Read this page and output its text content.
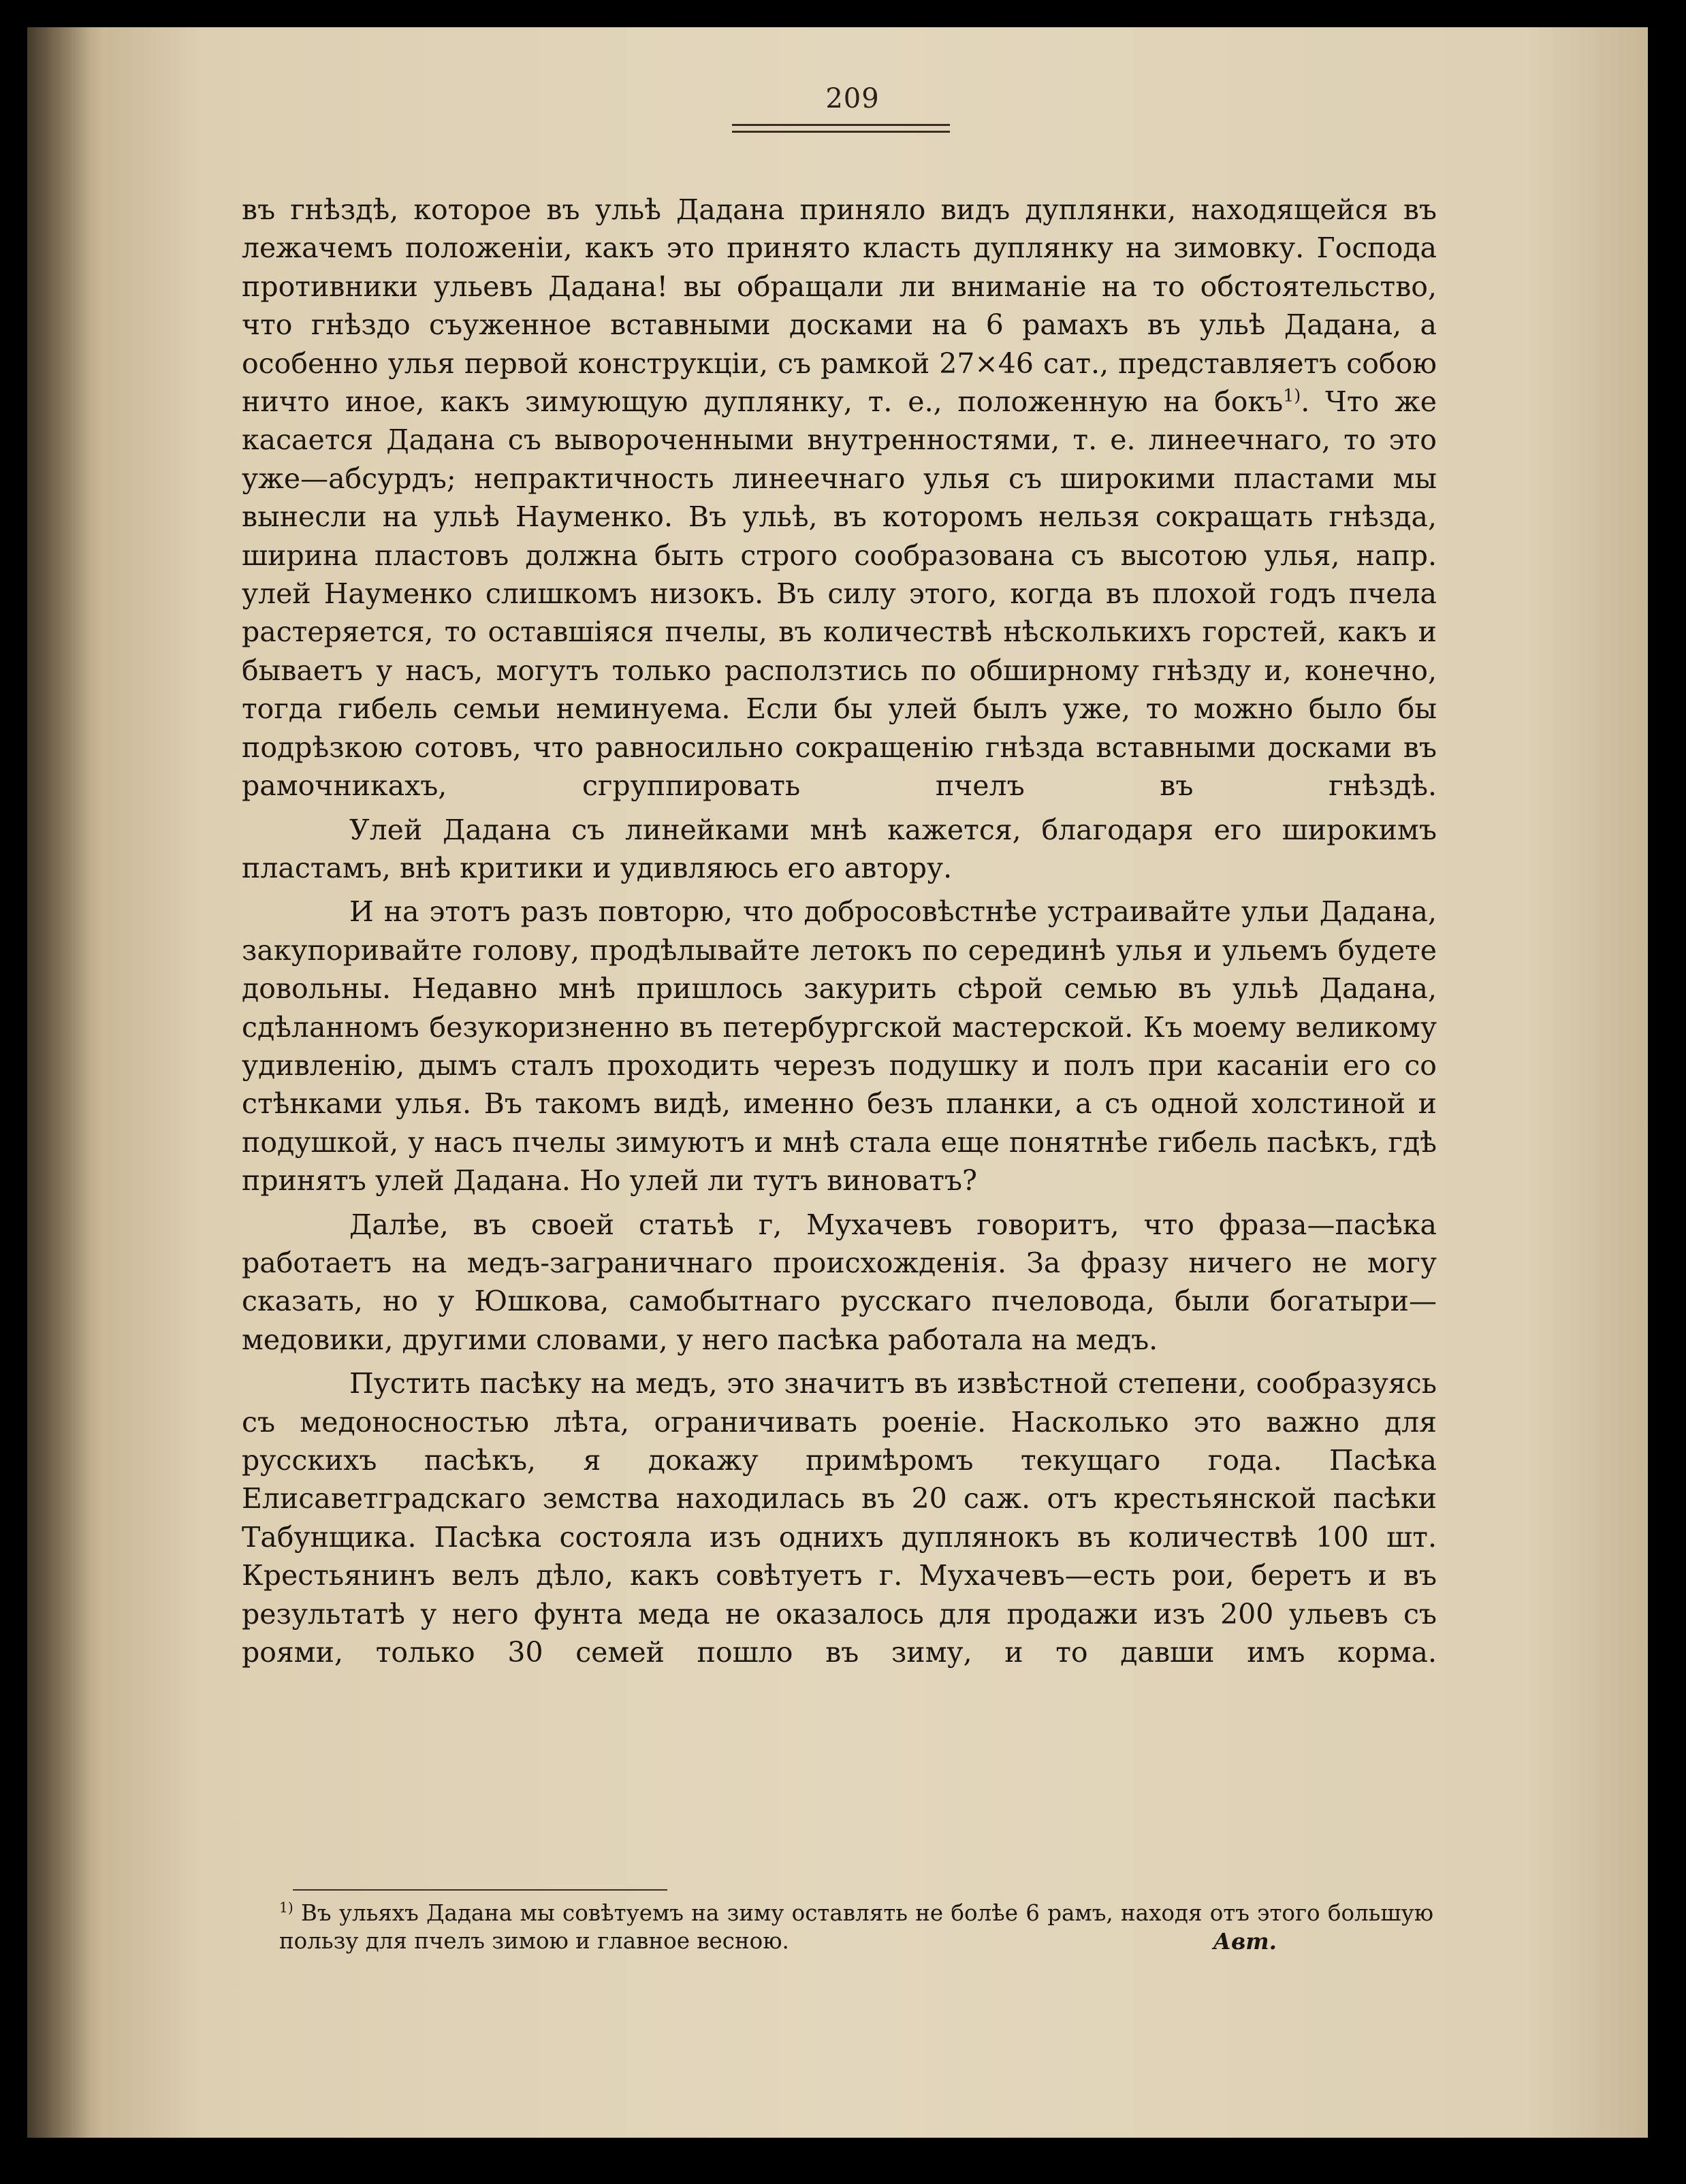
209

въ гнѣздѣ, которое въ ульѣ Дадана приняло видъ дуплянки, находящейся въ лежачемъ положенiи, какъ это принято класть дуплянку на зимовку. Господа противники ульевъ Дадана! вы обращали ли вниманiе на то обстоятельство, что гнѣздо съуженное вставными досками на 6 рамахъ въ ульѣ Дадана, а особенно улья первой конструкцiи, съ рамкой 27×46 сат., представляетъ собою ничто иное, какъ зимующую дуплянку, т. е., положенную на бокъ$^{1)}$. Что же касается Дадана съ вывороченными внутренностями, т. е. линеечнаго, то это уже—абсурдъ; непрактичность линеечнаго улья съ широкими пластами мы вынесли на ульѣ Науменко. Въ ульѣ, въ которомъ нельзя сокращать гнѣзда, ширина пластовъ должна быть строго сообразована съ высотою улья, напр. улей Науменко слишкомъ низокъ. Въ силу этого, когда въ плохой годъ пчела растеряется, то оставшiяся пчелы, въ количествѣ нѣсколькихъ горстей, какъ и бываетъ у насъ, могутъ только расползтись по обширному гнѣзду и, конечно, тогда гибель семьи неминуема. Если бы улей былъ уже, то можно было бы подрѣзкою сотовъ, что равносильно сокращенiю гнѣзда вставными досками въ рамочникахъ, сгруппировать пчелъ въ гнѣздѣ.

Улей Дадана съ линейками мнѣ кажется, благодаря его широкимъ пластамъ, внѣ критики и удивляюсь его автору.

И на этотъ разъ повторю, что добросовѣстнѣе устраивайте ульи Дадана, закупоривайте голову, продѣлывайте летокъ по серединѣ улья и ульемъ будете довольны. Недавно мнѣ пришлось закурить сѣрой семью въ ульѣ Дадана, сдѣланномъ безукоризненно въ петербургской мастерской. Къ моему великому удивленiю, дымъ сталъ проходить черезъ подушку и полъ при касанiи его со стѣнками улья. Въ такомъ видѣ, именно безъ планки, а съ одной холстиной и подушкой, у насъ пчелы зимуютъ и мнѣ стала еще понятнѣе гибель пасѣкъ, гдѣ принятъ улей Дадана. Но улей ли тутъ виноватъ?

Далѣе, въ своей статьѣ г, Мухачевъ говоритъ, что фраза—пасѣка работаетъ на медъ-заграничнаго происхожденiя. За фразу ничего не могу сказать, но у Юшкова, самобытнаго русскаго пчеловода, были богатыри—медовики, другими словами, у него пасѣка работала на медъ.

Пустить пасѣку на медъ, это значитъ въ извѣстной степени, сообразуясь съ медоносностью лѣта, ограничивать роенiе. Насколько это важно для русскихъ пасѣкъ, я докажу примѣромъ текущаго года. Пасѣка Елисаветградскаго земства находилась въ 20 саж. отъ крестьянской пасѣки Табунщика. Пасѣка состояла изъ однихъ дуплянокъ въ количествѣ 100 шт. Крестьянинъ велъ дѣло, какъ совѣтуетъ г. Мухачевъ—есть рои, беретъ и въ результатѣ у него фунта меда не оказалось для продажи изъ 200 ульевъ съ роями, только 30 семей пошло въ зиму, и то давши имъ корма.

$^{1)}$ Въ ульяхъ Дадана мы совѣтуемъ на зиму оставлять не болѣе 6 рамъ, находя отъ этого большую пользу для пчелъ зимою и главное весною.	Авт.
